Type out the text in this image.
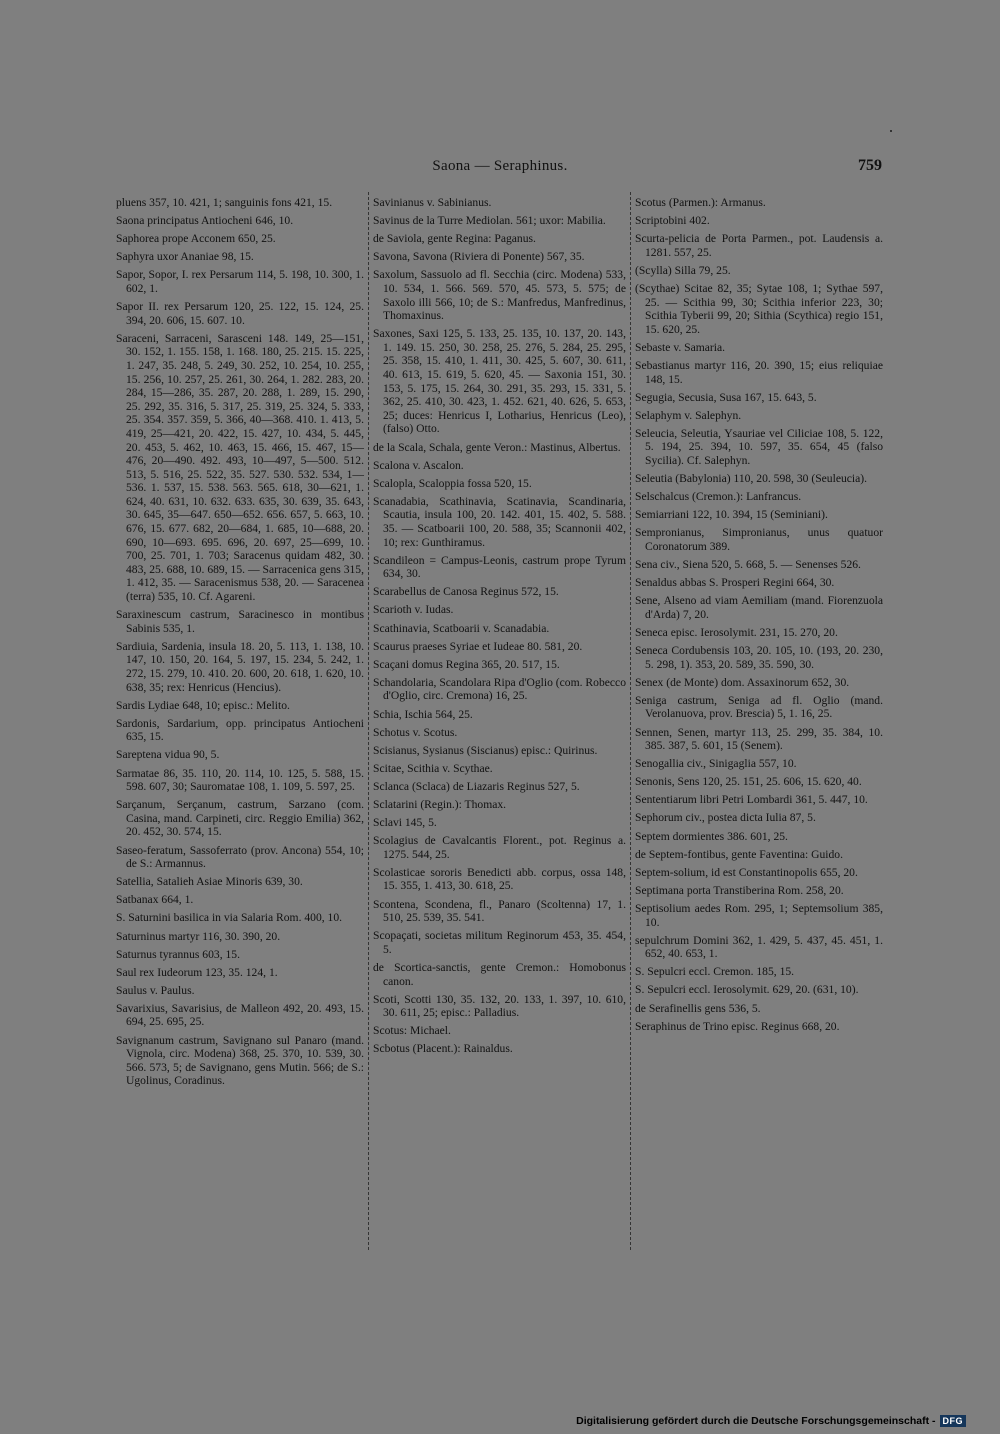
Saona — Seraphinus.	759

pluens 357, 10. 421, 1; sanguinis fons 421, 15.

Saona principatus Antiocheni 646, 10.

Saphorea prope Acconem 650, 25.

Saphyra uxor Ananiae 98, 15.

Sapor, Sopor, I. rex Persarum 114, 5. 198, 10. 300, 1. 602, 1.

Sapor II. rex Persarum 120, 25. 122, 15. 124, 25. 394, 20. 606, 15. 607. 10.

Saraceni, Sarraceni, Sarasceni 148. 149, 25—151, 30. 152, 1. 155. 158, 1. 168. 180, 25. 215. 15. 225, 1. 247, 35. 248, 5. 249, 30. 252, 10. 254, 10. 255, 15. 256, 10. 257, 25. 261, 30. 264, 1. 282. 283, 20. 284, 15—286, 35. 287, 20. 288, 1. 289, 15. 290, 25. 292, 35. 316, 5. 317, 25. 319, 25. 324, 5. 333, 25. 354. 357. 359, 5. 366, 40—368. 410. 1. 413, 5. 419, 25—421, 20. 422, 15. 427, 10. 434, 5. 445, 20. 453, 5. 462, 10. 463, 15. 466, 15. 467, 15—476, 20—490. 492. 493, 10—497, 5—500. 512. 513, 5. 516, 25. 522, 35. 527. 530. 532. 534, 1—536. 1. 537, 15. 538. 563. 565. 618, 30—621, 1. 624, 40. 631, 10. 632. 633. 635, 30. 639, 35. 643, 30. 645, 35—647. 650—652. 656. 657, 5. 663, 10. 676, 15. 677. 682, 20—684, 1. 685, 10—688, 20. 690, 10—693. 695. 696, 20. 697, 25—699, 10. 700, 25. 701, 1. 703; Saracenus quidam 482, 30. 483, 25. 688, 10. 689, 15. — Sarracenica gens 315, 1. 412, 35. — Saracenismus 538, 20. — Saracenea (terra) 535, 10. Cf. Agareni.

Saraxinescum castrum, Saracinesco in montibus Sabinis 535, 1.

Sardiuia, Sardenia, insula 18. 20, 5. 113, 1. 138, 10. 147, 10. 150, 20. 164, 5. 197, 15. 234, 5. 242, 1. 272, 15. 279, 10. 410. 20. 600, 20. 618, 1. 620, 10. 638, 35; rex: Henricus (Hencius).

Sardis Lydiae 648, 10; episc.: Melito.

Sardonis, Sardarium, opp. principatus Antiocheni 635, 15.

Sareptena vidua 90, 5.

Sarmatae 86, 35. 110, 20. 114, 10. 125, 5. 588, 15. 598. 607, 30; Sauromatae 108, 1. 109, 5. 597, 25.

Sarçanum, Serçanum, castrum, Sarzano (com. Casina, mand. Carpineti, circ. Reggio Emilia) 362, 20. 452, 30. 574, 15.

Saseo-feratum, Sassoferrato (prov. Ancona) 554, 10; de S.: Armannus.

Satellia, Satalieh Asiae Minoris 639, 30.

Satbanax 664, 1.

S. Saturnini basilica in via Salaria Rom. 400, 10.

Saturninus martyr 116, 30. 390, 20.

Saturnus tyrannus 603, 15.

Saul rex Iudeorum 123, 35. 124, 1.

Saulus v. Paulus.

Savarixius, Savarisius, de Malleon 492, 20. 493, 15. 694, 25. 695, 25.

Savignanum castrum, Savignano sul Panaro (mand. Vignola, circ. Modena) 368, 25. 370, 10. 539, 30. 566. 573, 5; de Savignano, gens Mutin. 566; de S.: Ugolinus, Coradinus.

Savinianus v. Sabinianus.

Savinus de la Turre Mediolan. 561; uxor: Mabilia.

de Saviola, gente Regina: Paganus.

Savona, Savona (Riviera di Ponente) 567, 35.

Saxolum, Sassuolo ad fl. Secchia (circ. Modena) 533, 10. 534, 1. 566. 569. 570, 45. 573, 5. 575; de Saxolo illi 566, 10; de S.: Manfredus, Manfredinus, Thomaxinus.

Saxones, Saxi 125, 5. 133, 25. 135, 10. 137, 20. 143, 1. 149. 15. 250, 30. 258, 25. 276, 5. 284, 25. 295, 25. 358, 15. 410, 1. 411, 30. 425, 5. 607, 30. 611, 40. 613, 15. 619, 5. 620, 45. — Saxonia 151, 30. 153, 5. 175, 15. 264, 30. 291, 35. 293, 15. 331, 5. 362, 25. 410, 30. 423, 1. 452. 621, 40. 626, 5. 653, 25; duces: Henricus I, Lotharius, Henricus (Leo), (falso) Otto.

de la Scala, Schala, gente Veron.: Mastinus, Albertus.

Scalona v. Ascalon.

Scalopla, Scaloppia fossa 520, 15.

Scanadabia, Scathinavia, Scatinavia, Scandinaria, Scautia, insula 100, 20. 142. 401, 15. 402, 5. 588. 35. — Scatboarii 100, 20. 588, 35; Scannonii 402, 10; rex: Gunthiramus.

Scandileon = Campus-Leonis, castrum prope Tyrum 634, 30.

Scarabellus de Canosa Reginus 572, 15.

Scarioth v. Iudas.

Scathinavia, Scatboarii v. Scanadabia.

Scaurus praeses Syriae et Iudeae 80. 581, 20.

Scaçani domus Regina 365, 20. 517, 15.

Schandolaria, Scandolara Ripa d'Oglio (com. Robecco d'Oglio, circ. Cremona) 16, 25.

Schia, Ischia 564, 25.

Schotus v. Scotus.

Scisianus, Sysianus (Siscianus) episc.: Quirinus.

Scitae, Scithia v. Scythae.

Sclanca (Sclaca) de Liazaris Reginus 527, 5.

Sclatarini (Regin.): Thomax.

Sclavi 145, 5.

Scolagius de Cavalcantis Florent., pot. Reginus a. 1275. 544, 25.

Scolasticae sororis Benedicti abb. corpus, ossa 148, 15. 355, 1. 413, 30. 618, 25.

Scontena, Scondena, fl., Panaro (Scoltenna) 17, 1. 510, 25. 539, 35. 541.

Scopaçati, societas militum Reginorum 453, 35. 454, 5.

de Scortica-sanctis, gente Cremon.: Homobonus canon.

Scoti, Scotti 130, 35. 132, 20. 133, 1. 397, 10. 610, 30. 611, 25; episc.: Palladius.

Scotus: Michael.

Scbotus (Placent.): Rainaldus.

Scotus (Parmen.): Armanus.

Scriptobini 402.

Scurta-pelicia de Porta Parmen., pot. Laudensis a. 1281. 557, 25.

(Scylla) Silla 79, 25.

(Scythae) Scitae 82, 35; Sytae 108, 1; Sythae 597, 25. — Scithia 99, 30; Scithia inferior 223, 30; Scithia Tyberii 99, 20; Sithia (Scythica) regio 151, 15. 620, 25.

Sebaste v. Samaria.

Sebastianus martyr 116, 20. 390, 15; eius reliquiae 148, 15.

Segugia, Secusia, Susa 167, 15. 643, 5.

Selaphym v. Salephyn.

Seleucia, Seleutia, Ysauriae vel Ciliciae 108, 5. 122, 5. 194, 25. 394, 10. 597, 35. 654, 45 (falso Sycilia). Cf. Salephyn.

Seleutia (Babylonia) 110, 20. 598, 30 (Seuleucia).

Selschalcus (Cremon.): Lanfrancus.

Semiarriani 122, 10. 394, 15 (Seminiani).

Sempronianus, Simpronianus, unus quatuor Coronatorum 389.

Sena civ., Siena 520, 5. 668, 5. — Senenses 526.

Senaldus abbas S. Prosperi Regini 664, 30.

Sene, Alseno ad viam Aemiliam (mand. Fiorenzuola d'Arda) 7, 20.

Seneca episc. Ierosolymit. 231, 15. 270, 20.

Seneca Cordubensis 103, 20. 105, 10. (193, 20. 230, 5. 298, 1). 353, 20. 589, 35. 590, 30.

Senex (de Monte) dom. Assaxinorum 652, 30.

Seniga castrum, Seniga ad fl. Oglio (mand. Verolanuova, prov. Brescia) 5, 1. 16, 25.

Sennen, Senen, martyr 113, 25. 299, 35. 384, 10. 385. 387, 5. 601, 15 (Senem).

Senogallia civ., Sinigaglia 557, 10.

Senonis, Sens 120, 25. 151, 25. 606, 15. 620, 40.

Sententiarum libri Petri Lombardi 361, 5. 447, 10.

Sephorum civ., postea dicta Iulia 87, 5.

Septem dormientes 386. 601, 25.

de Septem-fontibus, gente Faventina: Guido.

Septem-solium, id est Constantinopolis 655, 20.

Septimana porta Transtiberina Rom. 258, 20.

Septisolium aedes Rom. 295, 1; Septemsolium 385, 10.

sepulchrum Domini 362, 1. 429, 5. 437, 45. 451, 1. 652, 40. 653, 1.

S. Sepulcri eccl. Cremon. 185, 15.

S. Sepulcri eccl. Ierosolymit. 629, 20. (631, 10).

de Serafinellis gens 536, 5.

Seraphinus de Trino episc. Reginus 668, 20.

Digitalisierung gefördert durch die Deutsche Forschungsgemeinschaft - DFG
